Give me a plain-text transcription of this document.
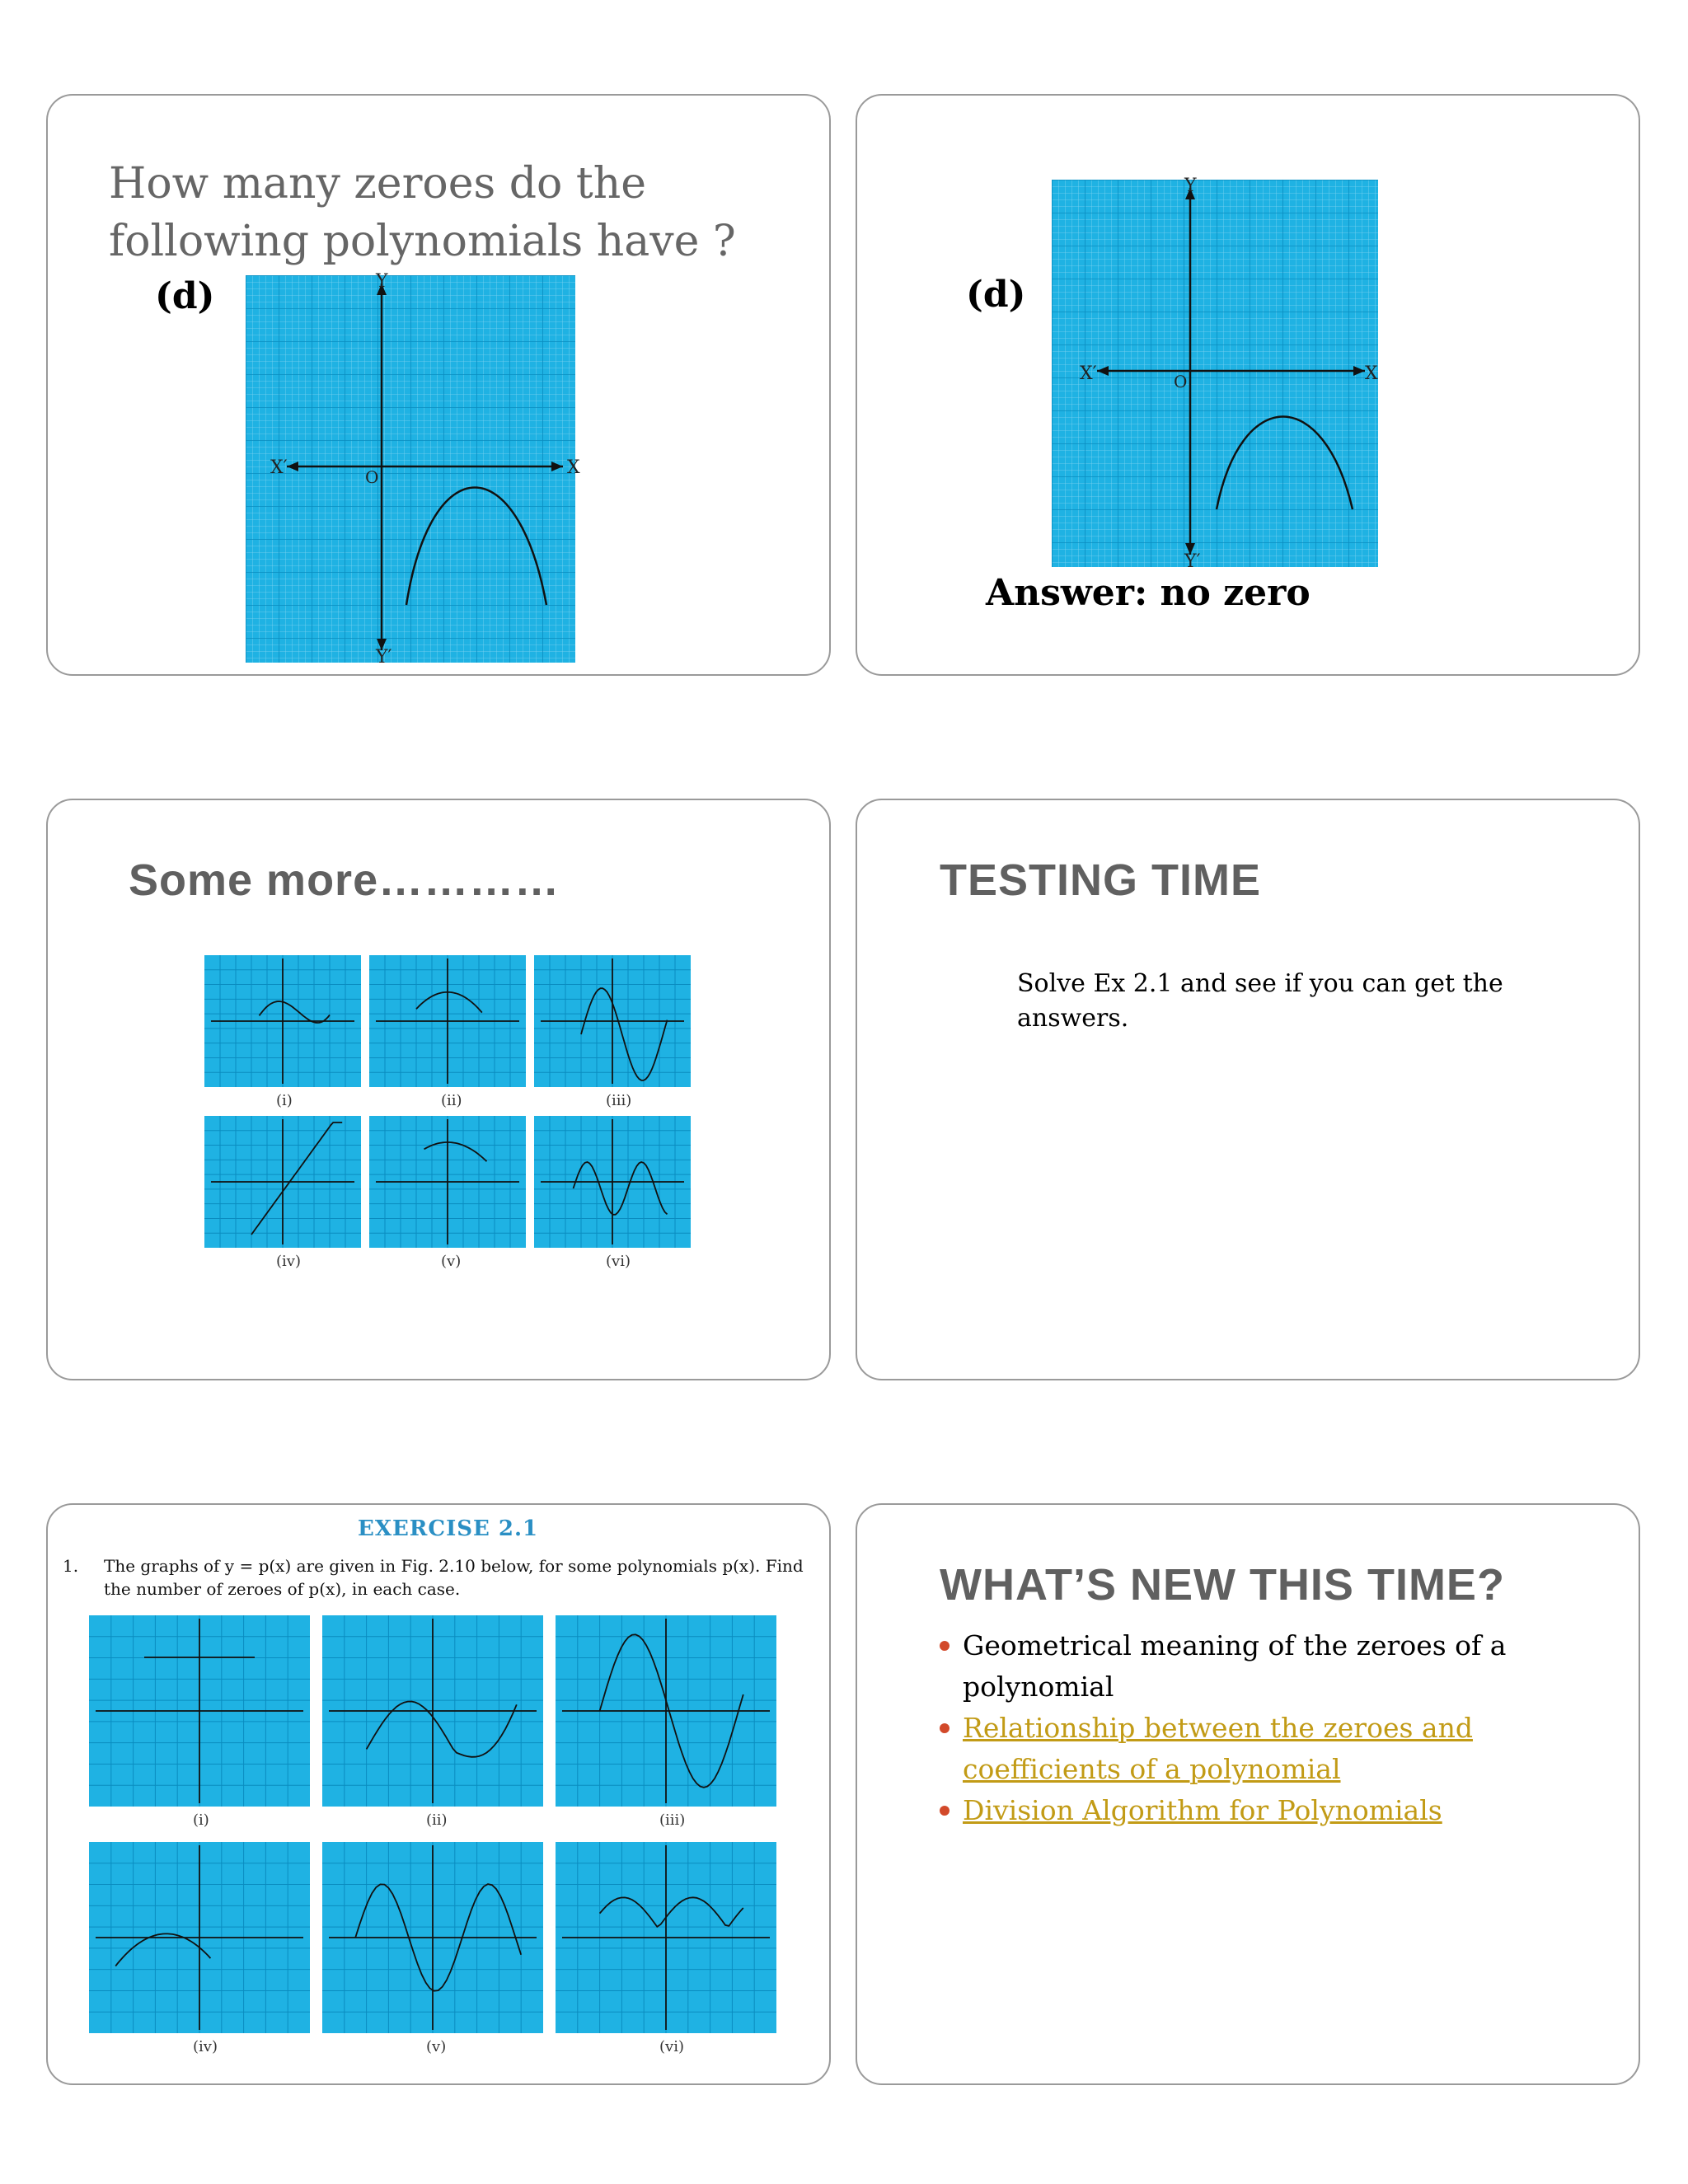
How many zeroes do the following polynomials have ?
(d)
X
X′
Y
Y′
O
(d)
X
X′
Y
Y′
O
Answer: no zero
Some more…………
(i)	(ii)	(iii)
(iv)	(v)	(vi)
TESTING TIME
Solve Ex 2.1 and see if you can get the answers.
EXERCISE 2.1
1. The graphs of y = p(x) are given in Fig. 2.10 below, for some polynomials p(x). Find the number of zeroes of p(x), in each case.
(i)	(ii)	(iii)
(iv)	(v)	(vi)
WHAT’S NEW THIS TIME?
Geometrical meaning of the zeroes of a polynomial
Relationship between the zeroes and coefficients of a polynomial
Division Algorithm for Polynomials
